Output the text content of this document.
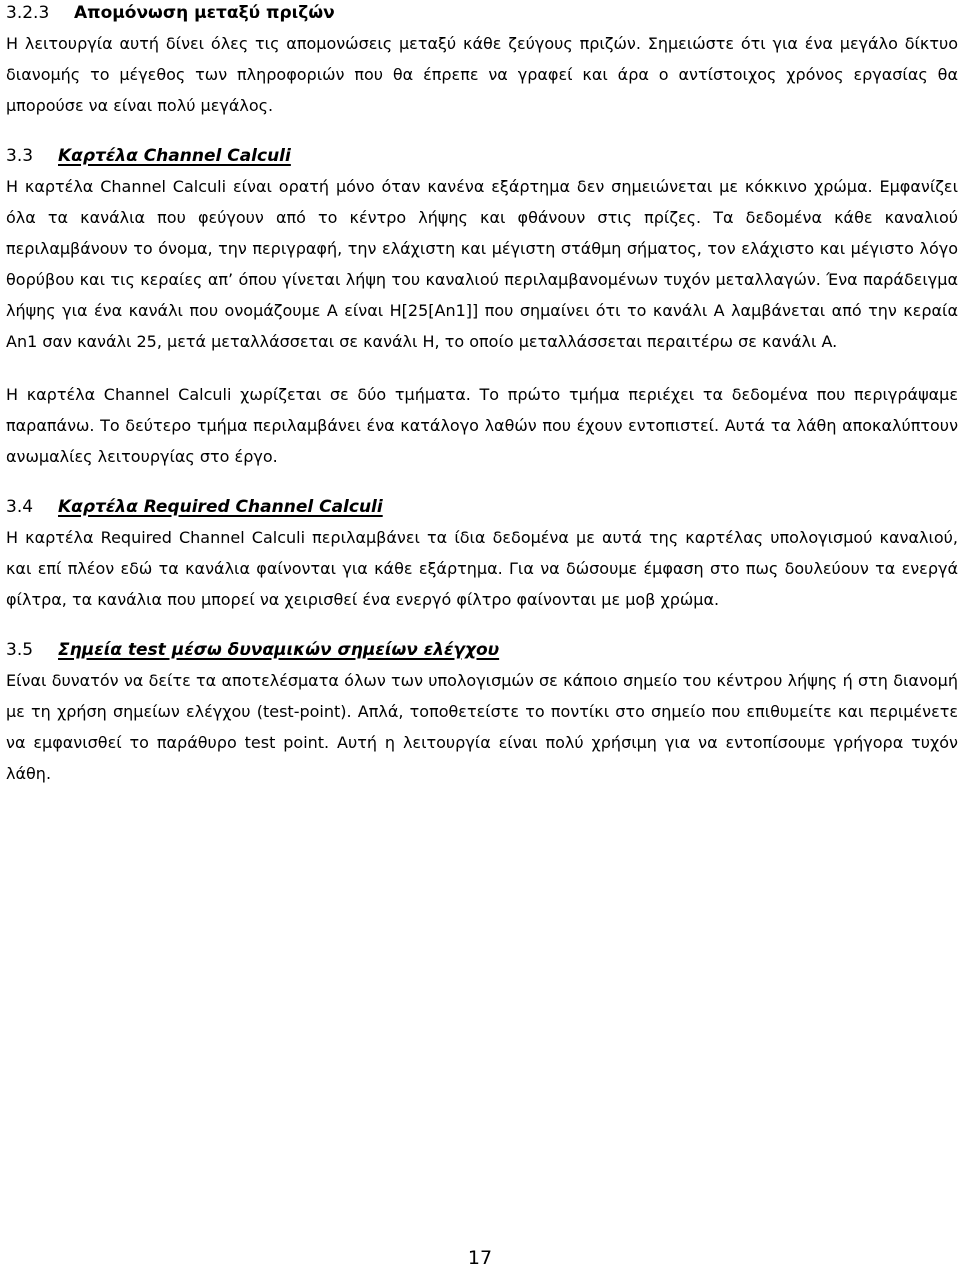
3.2.3 Απομόνωση μεταξύ πριζών

Η λειτουργία αυτή δίνει όλες τις απομονώσεις μεταξύ κάθε ζεύγους πριζών. Σημειώστε ότι για ένα μεγάλο δίκτυο διανομής το μέγεθος των πληροφοριών που θα έπρεπε να γραφεί και άρα ο αντίστοιχος χρόνος εργασίας θα μπορούσε να είναι πολύ μεγάλος.

3.3 Καρτέλα Channel Calculi

Η καρτέλα Channel Calculi είναι ορατή μόνο όταν κανένα εξάρτημα δεν σημειώνεται με κόκκινο χρώμα. Εμφανίζει όλα τα κανάλια που φεύγουν από το κέντρο λήψης και φθάνουν στις πρίζες. Τα δεδομένα κάθε καναλιού περιλαμβάνουν το όνομα, την περιγραφή, την ελάχιστη και μέγιστη στάθμη σήματος, τον ελάχιστο και μέγιστο λόγο θορύβου και τις κεραίες απ’ όπου γίνεται λήψη του καναλιού περιλαμβανομένων τυχόν μεταλλαγών. Ένα παράδειγμα λήψης για ένα κανάλι που ονομάζουμε A είναι H[25[An1]] που σημαίνει ότι το κανάλι A λαμβάνεται από την κεραία An1 σαν κανάλι 25, μετά μεταλλάσσεται σε κανάλι H, το οποίο μεταλλάσσεται περαιτέρω σε κανάλι A.

Η καρτέλα Channel Calculi χωρίζεται σε δύο τμήματα. Το πρώτο τμήμα περιέχει τα δεδομένα που περιγράψαμε παραπάνω. Το δεύτερο τμήμα περιλαμβάνει ένα κατάλογο λαθών που έχουν εντοπιστεί. Αυτά τα λάθη αποκαλύπτουν ανωμαλίες λειτουργίας στο έργο.

3.4 Καρτέλα Required Channel Calculi

Η καρτέλα Required Channel Calculi περιλαμβάνει τα ίδια δεδομένα με αυτά της καρτέλας υπολογισμού καναλιού, και επί πλέον εδώ τα κανάλια φαίνονται για κάθε εξάρτημα. Για να δώσουμε έμφαση στο πως δουλεύουν τα ενεργά φίλτρα, τα κανάλια που μπορεί να χειρισθεί ένα ενεργό φίλτρο φαίνονται με μοβ χρώμα.

3.5 Σημεία test μέσω δυναμικών σημείων ελέγχου

Είναι δυνατόν να δείτε τα αποτελέσματα όλων των υπολογισμών σε κάποιο σημείο του κέντρου λήψης ή στη διανομή με τη χρήση σημείων ελέγχου (test-point). Απλά, τοποθετείστε το ποντίκι στο σημείο που επιθυμείτε και περιμένετε να εμφανισθεί το παράθυρο test point. Αυτή η λειτουργία είναι πολύ χρήσιμη για να εντοπίσουμε γρήγορα τυχόν λάθη.

17
